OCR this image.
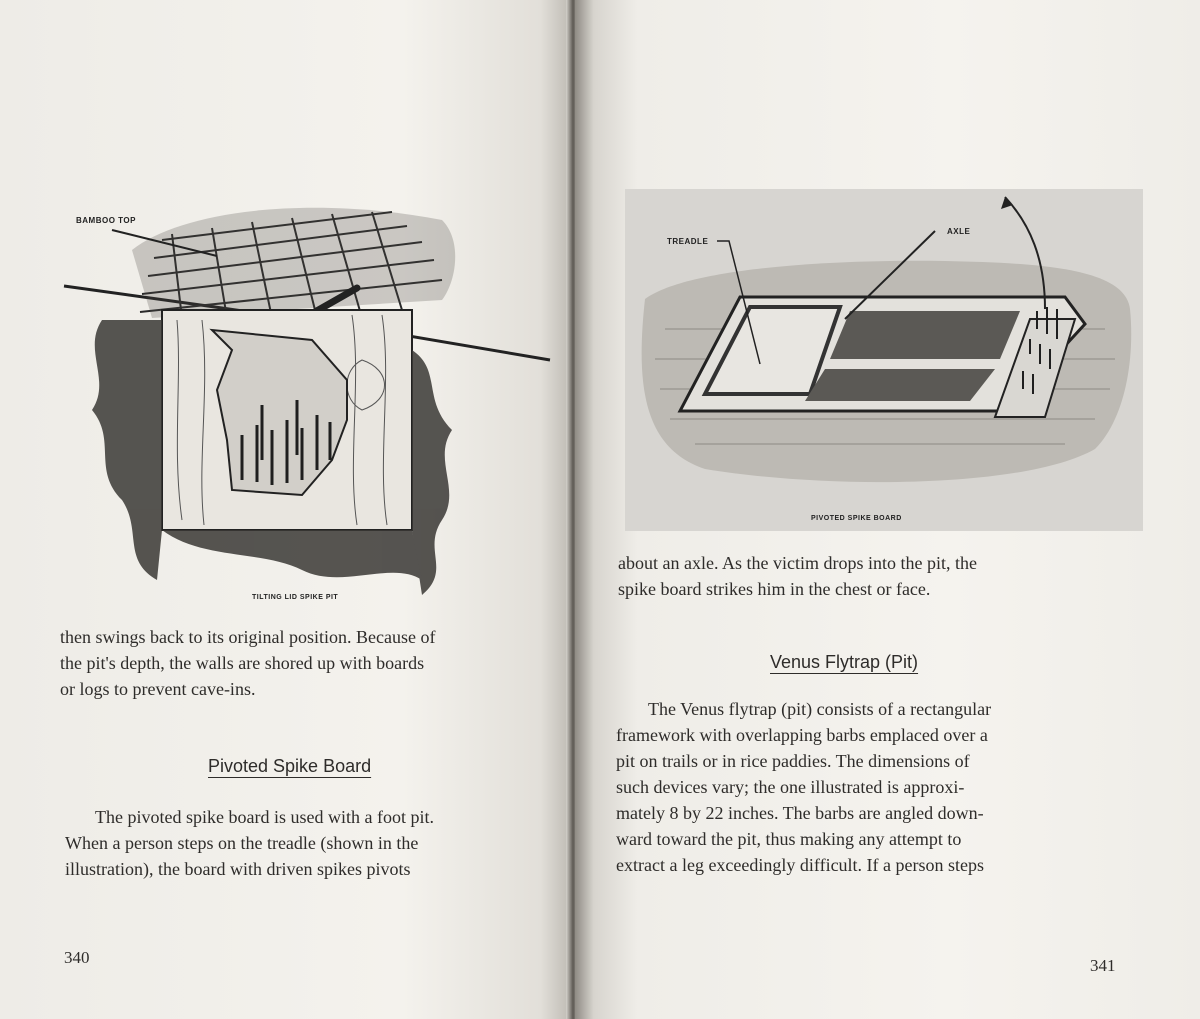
BAMBOO TOP
TILTING LID SPIKE PIT
then swings back to its original position. Because of
the pit's depth, the walls are shored up with boards
or logs to prevent cave-ins.
Pivoted Spike Board
The pivoted spike board is used with a foot pit.
When a person steps on the treadle (shown in the
illustration), the board with driven spikes pivots
340
TREADLE
AXLE
PIVOTED SPIKE BOARD
about an axle. As the victim drops into the pit, the
spike board strikes him in the chest or face.
Venus Flytrap (Pit)
The Venus flytrap (pit) consists of a rectangular
framework with overlapping barbs emplaced over a
pit on trails or in rice paddies. The dimensions of
such devices vary; the one illustrated is approxi-
mately 8 by 22 inches. The barbs are angled down-
ward toward the pit, thus making any attempt to
extract a leg exceedingly difficult. If a person steps
341
